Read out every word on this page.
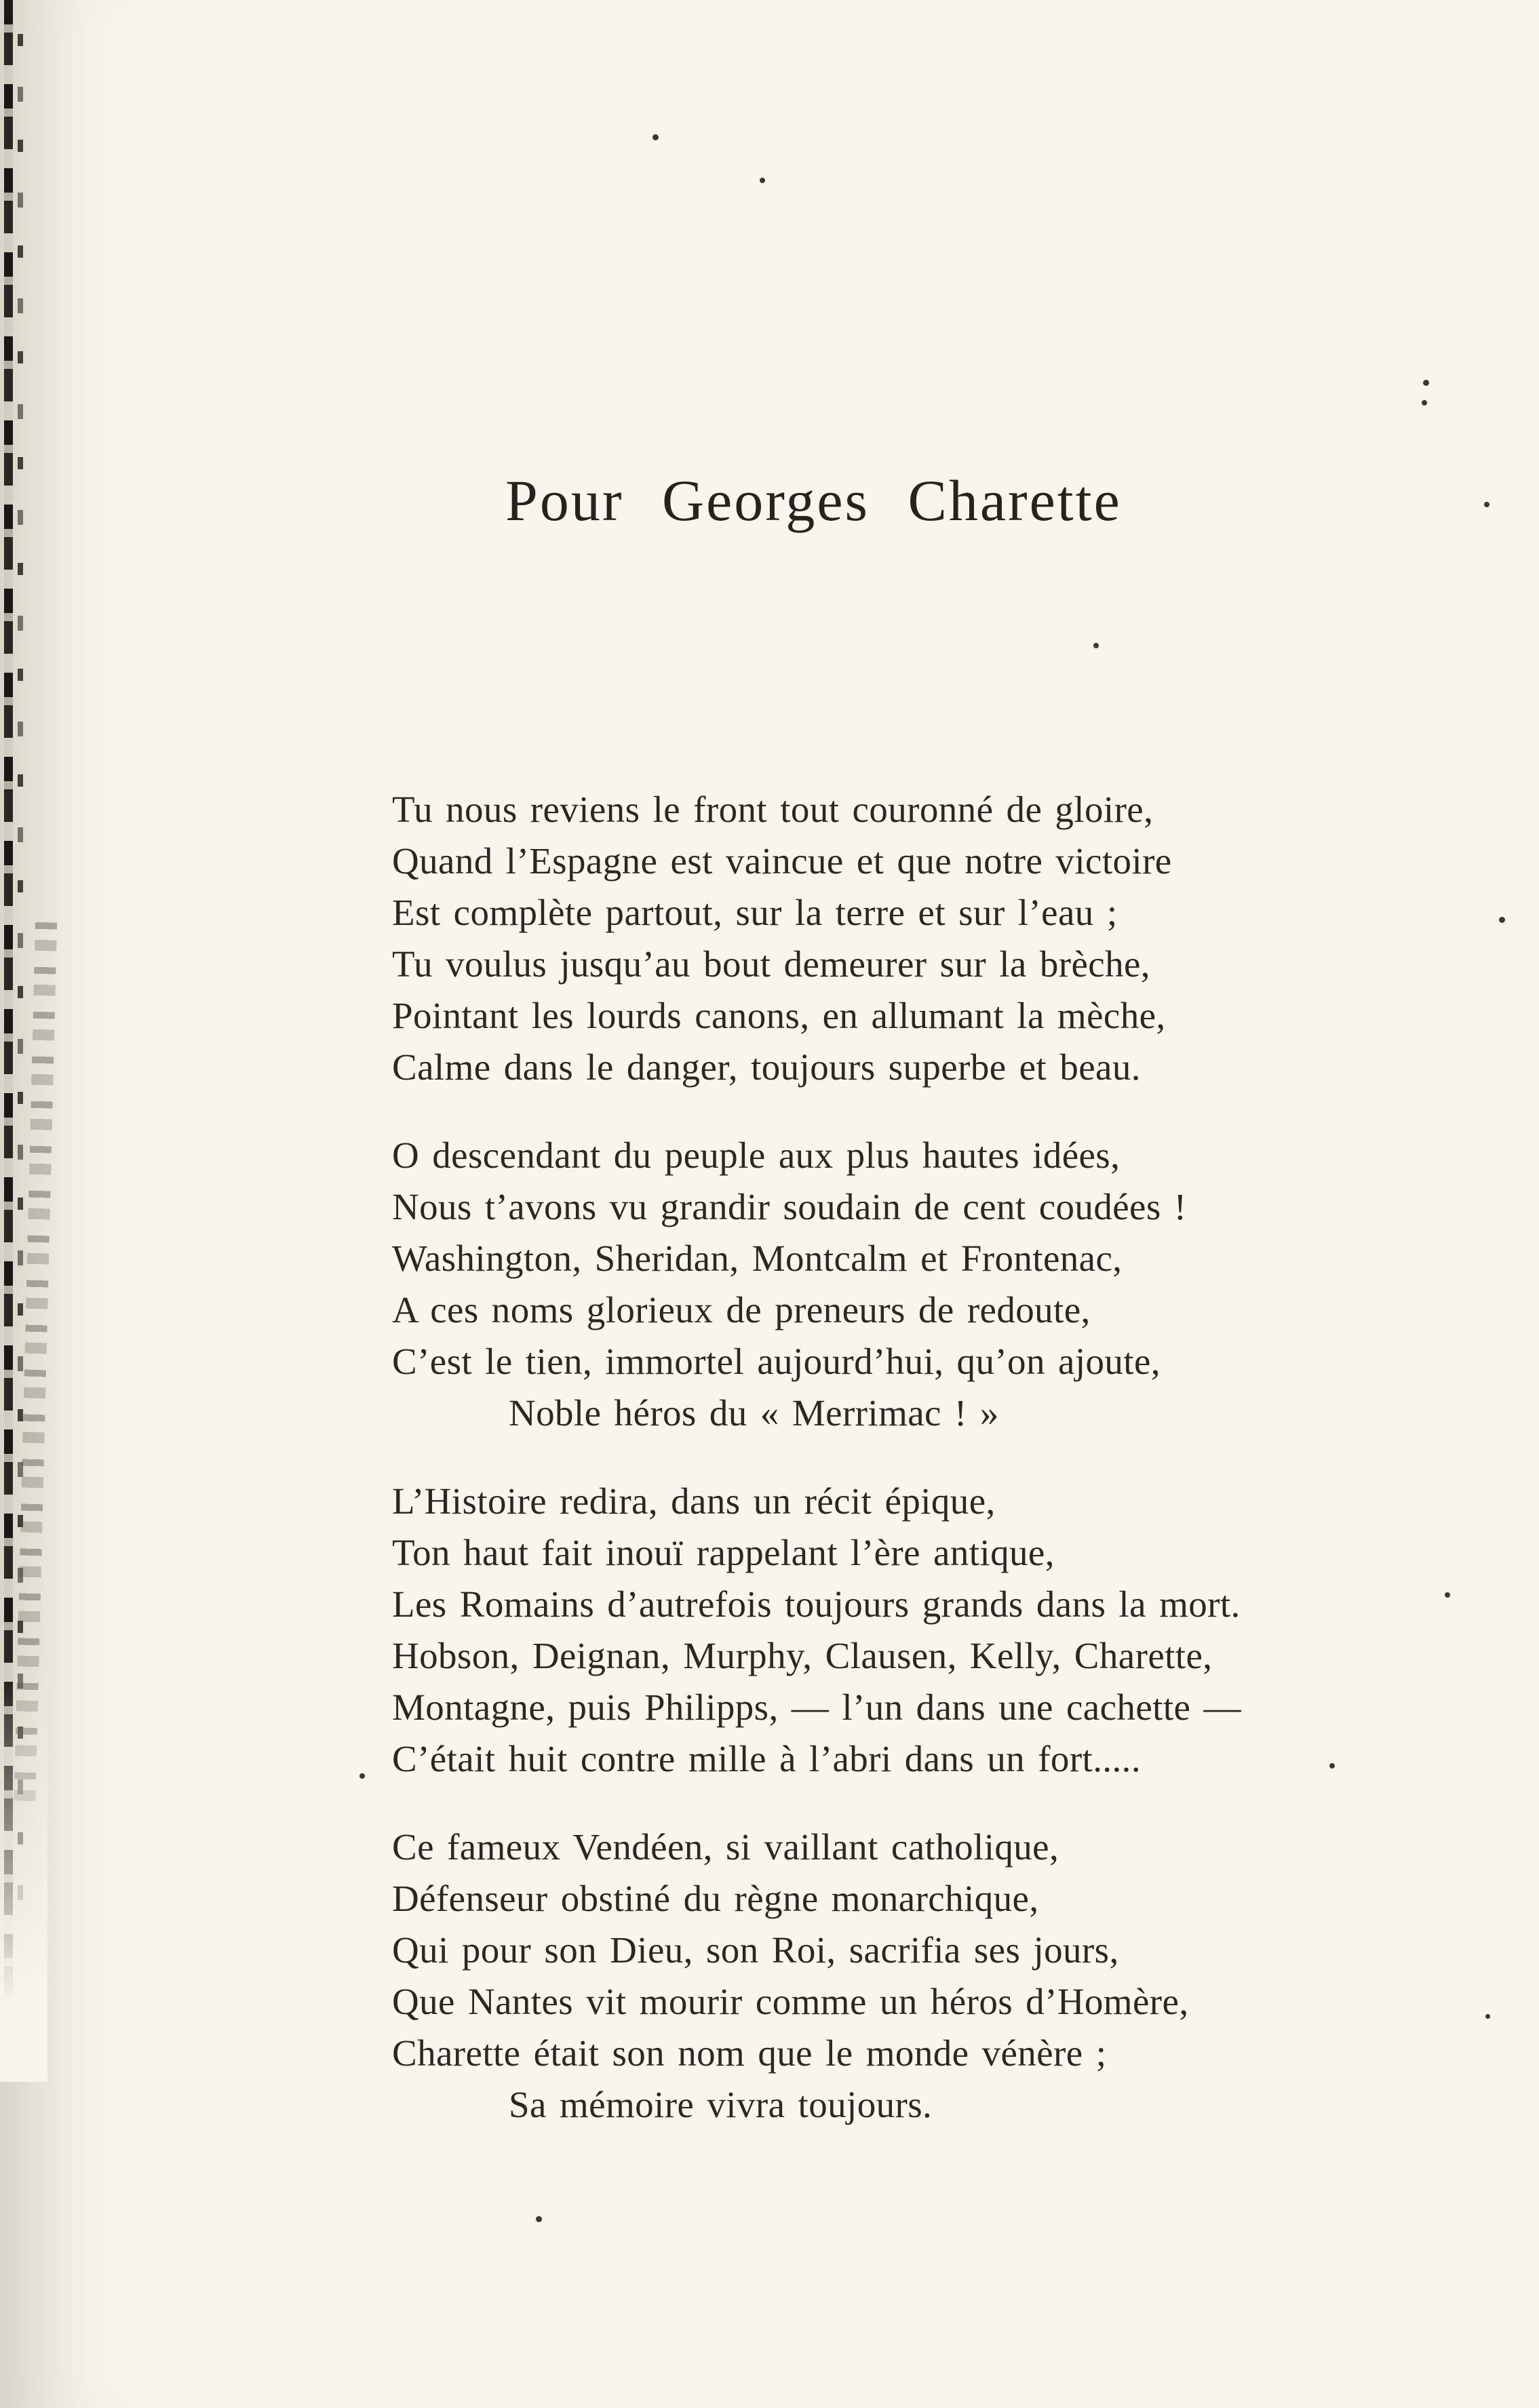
Pour Georges Charette
Tu nous reviens le front tout couronné de gloire,
Quand l’Espagne est vaincue et que notre victoire
Est complète partout, sur la terre et sur l’eau ;
Tu voulus jusqu’au bout demeurer sur la brèche,
Pointant les lourds canons, en allumant la mèche,
Calme dans le danger, toujours superbe et beau.
O descendant du peuple aux plus hautes idées,
Nous t’avons vu grandir soudain de cent coudées !
Washington, Sheridan, Montcalm et Frontenac,
A ces noms glorieux de preneurs de redoute,
C’est le tien, immortel aujourd’hui, qu’on ajoute,
Noble héros du « Merrimac ! »
L’Histoire redira, dans un récit épique,
Ton haut fait inouï rappelant l’ère antique,
Les Romains d’autrefois toujours grands dans la mort.
Hobson, Deignan, Murphy, Clausen, Kelly, Charette,
Montagne, puis Philipps, — l’un dans une cachette —
C’était huit contre mille à l’abri dans un fort.....
Ce fameux Vendéen, si vaillant catholique,
Défenseur obstiné du règne monarchique,
Qui pour son Dieu, son Roi, sacrifia ses jours,
Que Nantes vit mourir comme un héros d’Homère,
Charette était son nom que le monde vénère ;
Sa mémoire vivra toujours.
